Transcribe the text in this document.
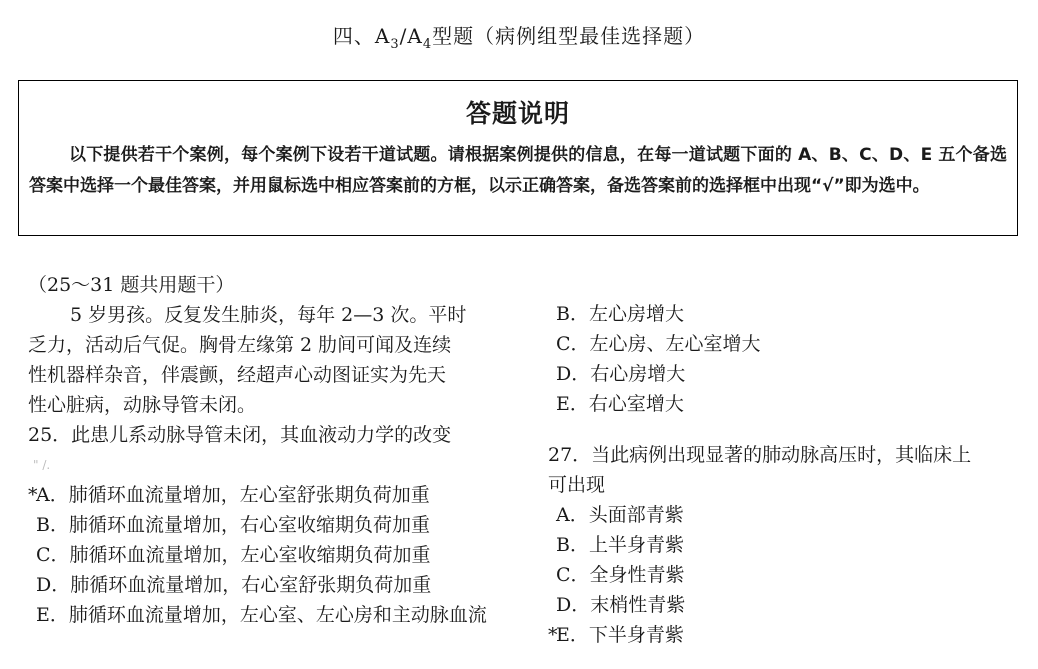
四、$A_3/A_4$型题（病例组型最佳选择题）
答题说明
以下提供若干个案例，每个案例下设若干道试题。请根据案例提供的信息，在每一道试题下面的 A、B、C、D、E 五个备选答案中选择一个最佳答案，并用鼠标选中相应答案前的方框，以示正确答案，备选答案前的选择框中出现“√”即为选中。
（25～31 题共用题干）
5 岁男孩。反复发生肺炎，每年 2—3 次。平时
乏力，活动后气促。胸骨左缘第 2 肋间可闻及连续
性机器样杂音，伴震颤，经超声心动图证实为先天
性心脏病，动脉导管未闭。
25．此患儿系动脉导管未闭，其血液动力学的改变
" /.
*A．肺循环血流量增加，左心室舒张期负荷加重
B．肺循环血流量增加，右心室收缩期负荷加重
C．肺循环血流量增加，左心室收缩期负荷加重
D．肺循环血流量增加，右心室舒张期负荷加重
E．肺循环血流量增加，左心室、左心房和主动脉血流
B．左心房增大
C．左心房、左心室增大
D．右心房增大
E．右心室增大
27．当此病例出现显著的肺动脉高压时，其临床上
可出现
A．头面部青紫
B．上半身青紫
C．全身性青紫
D．末梢性青紫
*E．下半身青紫
